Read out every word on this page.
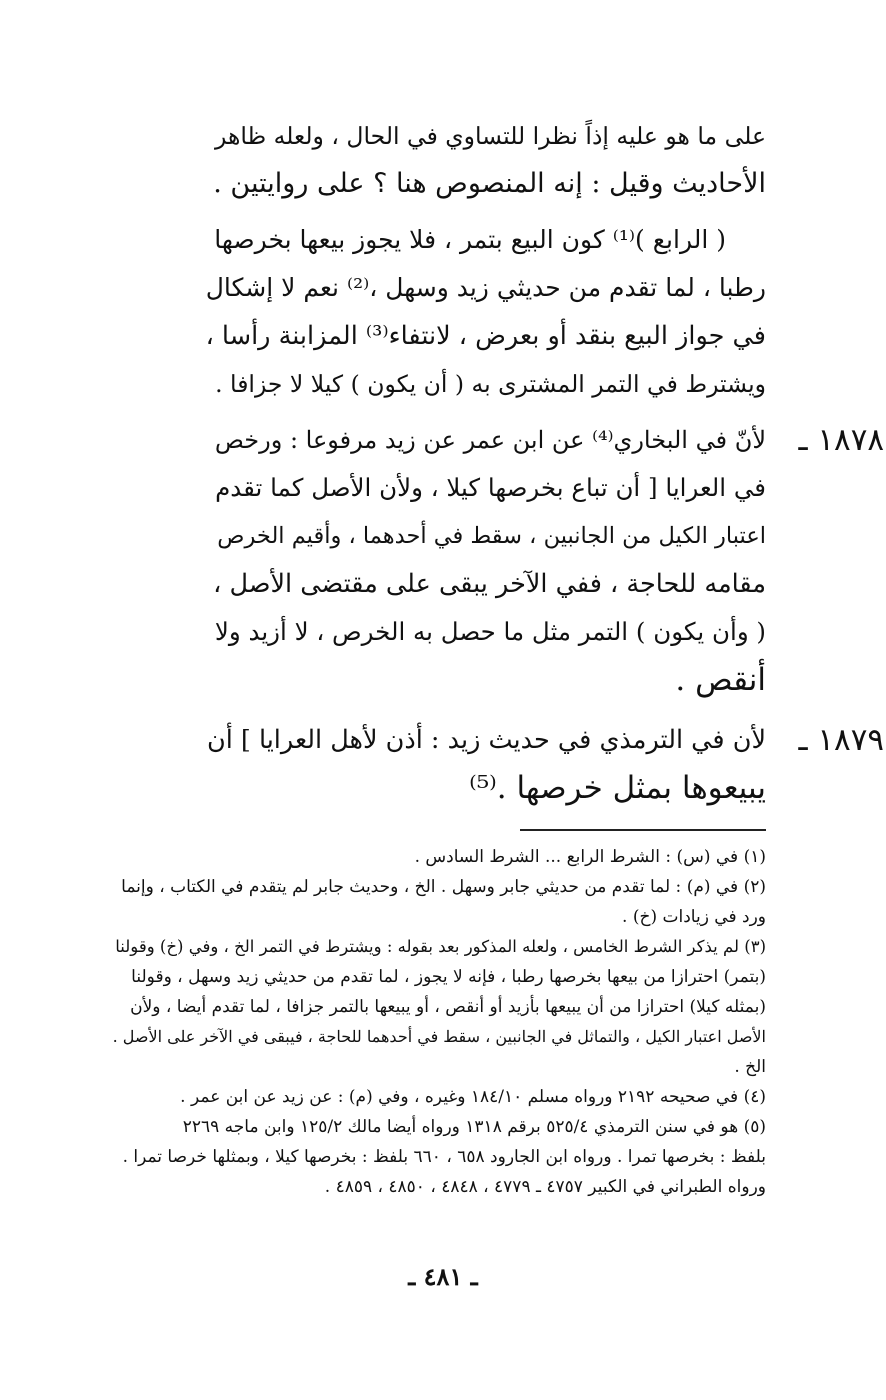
على ما هو عليه إذاً نظرا للتساوي في الحال ، ولعله ظاهر
الأحاديث وقيل : إنه المنصوص هنا ؟ على روايتين .
( الرابع )⁽¹⁾ كون البيع بتمر ، فلا يجوز بيعها بخرصها
رطبا ، لما تقدم من حديثي زيد وسهل ،⁽²⁾ نعم لا إشكال
في جواز البيع بنقد أو بعرض ، لانتفاء⁽³⁾ المزابنة رأسا ،
ويشترط في التمر المشترى به ( أن يكون ) كيلا لا جزافا .
١٨٧٨ ـ
لأنّ في البخاري⁽⁴⁾ عن ابن عمر عن زيد مرفوعا : ورخص
في العرايا [ أن تباع بخرصها كيلا ، ولأن الأصل كما تقدم
اعتبار الكيل من الجانبين ، سقط في أحدهما ، وأقيم الخرص
مقامه للحاجة ، ففي الآخر يبقى على مقتضى الأصل ،
( وأن يكون ) التمر مثل ما حصل به الخرص ، لا أزيد ولا
أنقص .
١٨٧٩ ـ
لأن في الترمذي في حديث زيد : أذن لأهل العرايا ] أن
يبيعوها بمثل خرصها .⁽⁵⁾
(١) في (س) : الشرط الرابع ... الشرط السادس .
(٢) في (م) : لما تقدم من حديثي جابر وسهل . الخ ، وحديث جابر لم يتقدم في الكتاب ، وإنما
ورد في زيادات (خ) .
(٣) لم يذكر الشرط الخامس ، ولعله المذكور بعد بقوله : ويشترط في التمر الخ ، وفي (خ) وقولنا
(بتمر) احترازا من بيعها بخرصها رطبا ، فإنه لا يجوز ، لما تقدم من حديثي زيد وسهل ، وقولنا
(بمثله كيلا) احترازا من أن يبيعها بأزيد أو أنقص ، أو يبيعها بالتمر جزافا ، لما تقدم أيضا ، ولأن
الأصل اعتبار الكيل ، والتماثل في الجانبين ، سقط في أحدهما للحاجة ، فيبقى في الآخر على الأصل .
الخ .
(٤) في صحيحه ٢١٩٢ ورواه مسلم ١٨٤/١٠ وغيره ، وفي (م) : عن زيد عن ابن عمر .
(٥) هو في سنن الترمذي ٥٢٥/٤ برقم ١٣١٨ ورواه أيضا مالك ١٢٥/٢ وابن ماجه ٢٢٦٩
بلفظ : بخرصها تمرا . ورواه ابن الجارود ٦٥٨ ، ٦٦٠ بلفظ : بخرصها كيلا ، وبمثلها خرصا تمرا .
ورواه الطبراني في الكبير ٤٧٥٧ ـ ٤٧٧٩ ، ٤٨٤٨ ، ٤٨٥٠ ، ٤٨٥٩ .
ـ ٤٨١ ـ
